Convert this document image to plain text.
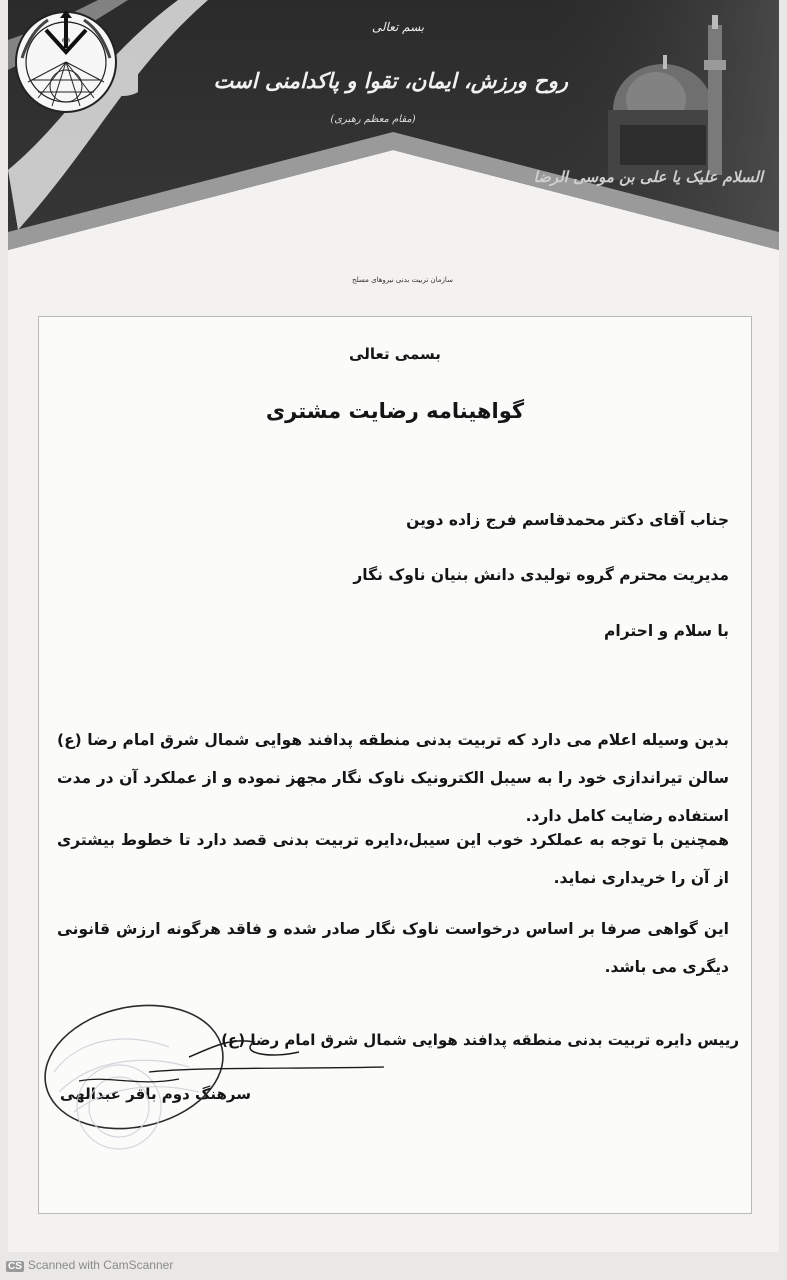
بسم تعالی
روح ورزش، ایمان، تقوا و پاکدامنی است
(مقام معظم رهبری)
السلام علیک یا علی بن موسی الرضا
☫
سازمان تربیت بدنی نیروهای مسلح
بسمی تعالی
گواهینامه رضایت مشتری
جناب آقای دکتر محمدقاسم فرج زاده دوین
مدیریت محترم گروه تولیدی دانش بنیان ناوک نگار
با سلام و احترام
بدین وسیله اعلام می دارد که تربیت بدنی منطقه پدافند هوایی شمال شرق امام رضا (ع) سالن تیراندازی خود را به سیبل الکترونیک ناوک نگار مجهز نموده و از عملکرد آن در مدت استفاده رضایت کامل دارد.
همچنین با توجه به عملکرد خوب این سیبل،دایره تربیت بدنی قصد دارد تا خطوط بیشتری از آن را خریداری نماید.
این گواهی صرفا بر اساس درخواست ناوک نگار صادر شده و فاقد هرگونه ارزش قانونی دیگری می باشد.
رییس دایره تربیت بدنی منطقه پدافند هوایی شمال شرق امام رضا (ع)
سرهنگ دوم باقر عبدالهی
CS Scanned with CamScanner
